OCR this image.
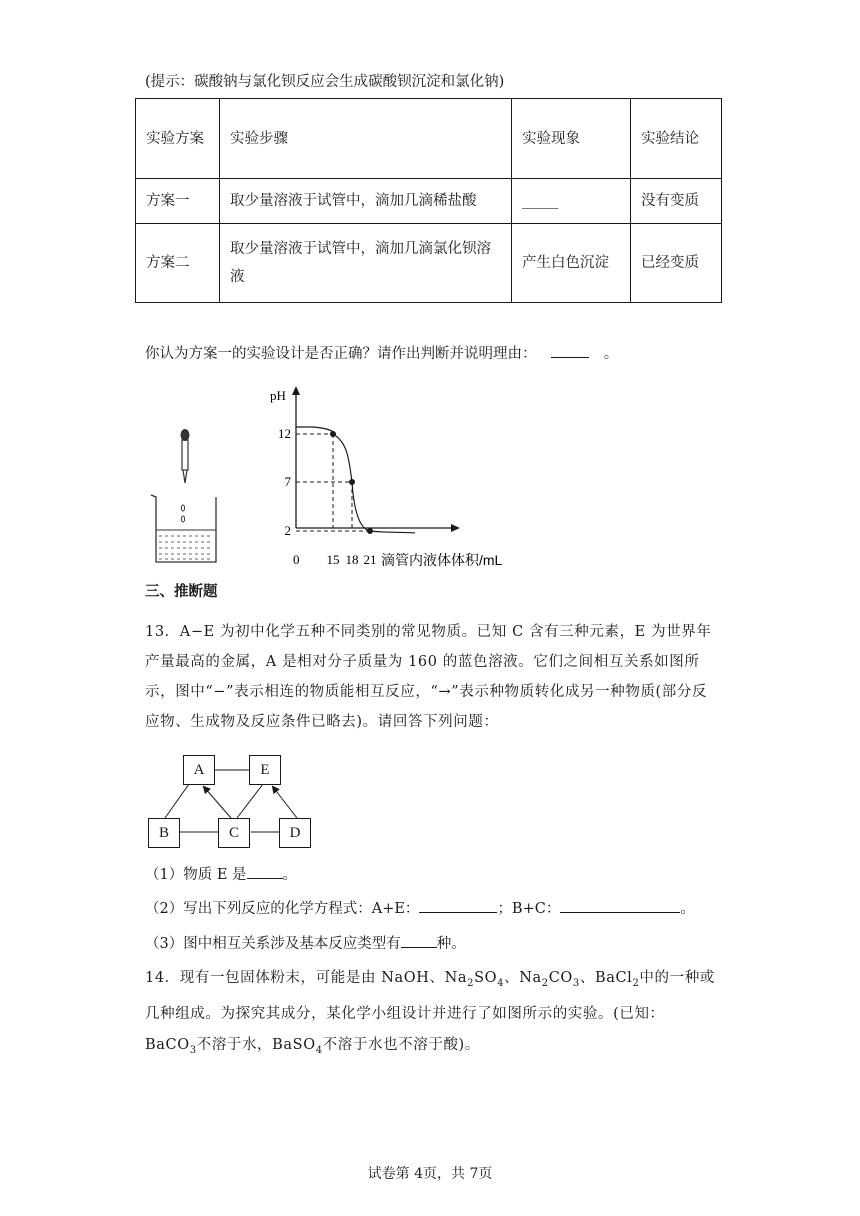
(提示：碳酸钠与氯化钡反应会生成碳酸钡沉淀和氯化钠)
实验方案	实验步骤	实验现象	实验结论
方案一	取少量溶液于试管中，滴加几滴稀盐酸	_____	没有变质
方案二	取少量溶液于试管中，滴加几滴氯化钡溶液	产生白色沉淀	已经变质
你认为方案一的实验设计是否正确？请作出判断并说明理由：	。
pH
滴管内液体体积/mL
0
12
7
2
15 18 21
三、推断题
13．A−E 为初中化学五种不同类别的常见物质。已知 C 含有三种元素，E 为世界年产量最高的金属，A 是相对分子质量为 160 的蓝色溶液。它们之间相互关系如图所示，图中“−”表示相连的物质能相互反应，“→”表示种物质转化成另一种物质(部分反应物、生成物及反应条件已略去)。请回答下列问题：
A	E
B	C	D
（1）物质 E 是 。
（2）写出下列反应的化学方程式：A+E：	；B+C：	。
（3）图中相互关系涉及基本反应类型有 种。
14．现有一包固体粉末，可能是由 NaOH、$Na_2SO_4$、$Na_2CO_3$、BaCl$_2$中的一种或几种组成。为探究其成分，某化学小组设计并进行了如图所示的实验。(已知：BaCO$_3$不溶于水，BaSO$_4$不溶于水也不溶于酸)。
试卷第 4页，共 7页
